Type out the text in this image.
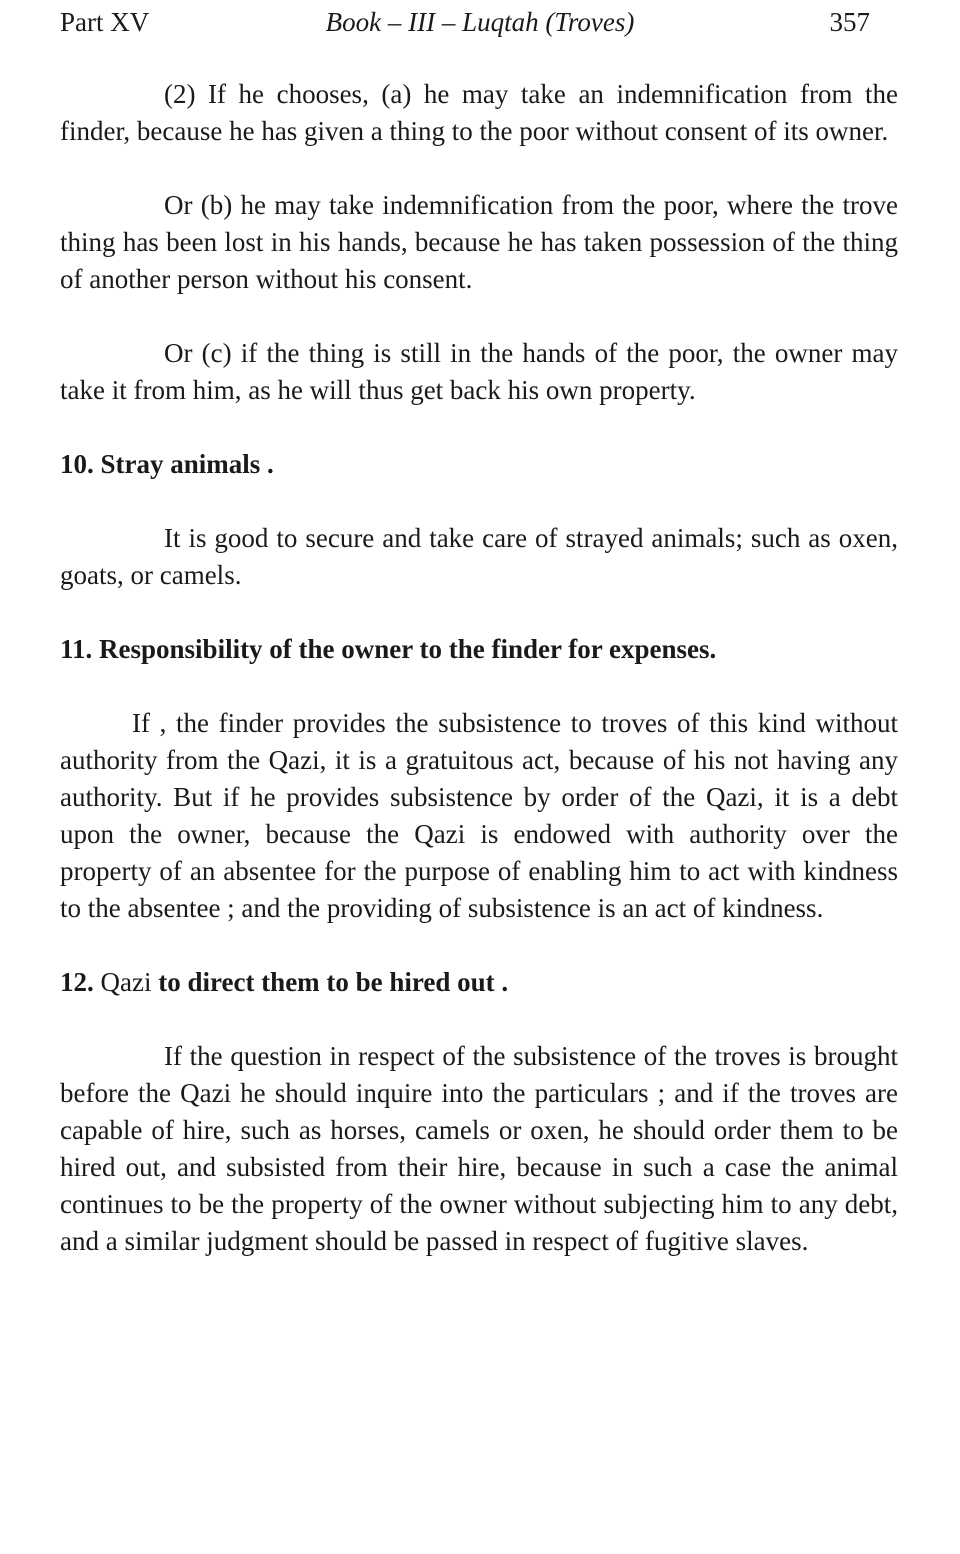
Part XV	Book – III – Luqtah (Troves)	357

(2) If he chooses, (a) he may take an indemnification from the finder, because he has given a thing to the poor without consent of its owner.

Or (b) he may take indemnification from the poor, where the trove thing has been lost in his hands, because he has taken possession of the thing of another person without his consent.

Or (c) if the thing is still in the hands of the poor, the owner may take it from him, as he will thus get back his own property.

10. Stray animals .

It is good to secure and take care of strayed animals; such as oxen, goats, or camels.

11. Responsibility of the owner to the finder for expenses.

If , the finder provides the subsistence to troves of this kind without authority from the Qazi, it is a gratuitous act, because of his not having any authority. But if he provides subsistence by order of the Qazi, it is a debt upon the owner, because the Qazi is endowed with authority over the property of an absentee for the purpose of enabling him to act with kindness to the absentee ; and the providing of subsistence is an act of kindness.

12. Qazi to direct them to be hired out .

If the question in respect of the subsistence of the troves is brought before the Qazi he should inquire into the particulars ; and if the troves are capable of hire, such as horses, camels or oxen, he should order them to be hired out, and subsisted from their hire, because in such a case the animal continues to be the property of the owner without subjecting him to any debt, and a similar judgment should be passed in respect of fugitive slaves.
